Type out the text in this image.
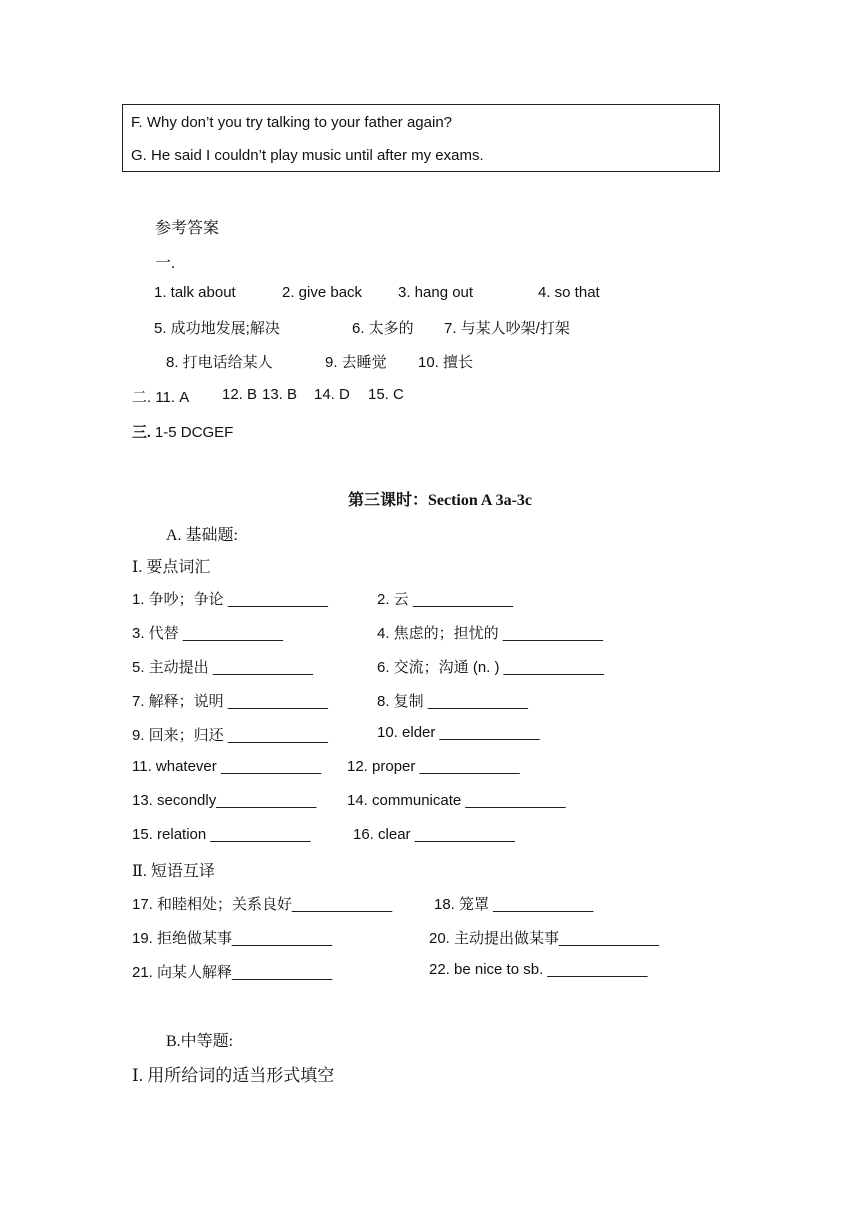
F. Why don’t you try talking to your father again?
G. He said I couldn’t play music until after my exams.
参考答案
一.
1. talk about	2. give back 3. hang out	4. so that
5. 成功地发展;解决	6. 太多的 7. 与某人吵架/打架
8. 打电话给某人	9. 去睡觉 10. 擅长
二. 11. A 12. B 13. B 14. D 15. C
三. 1-5 DCGEF
第三课时：Section A 3a-3c
A. 基础题:
Ⅰ. 要点词汇
1. 争吵；争论 ____________	2. 云 ____________
3. 代替 ____________	4. 焦虑的；担忧的 ____________
5. 主动提出 ____________	6. 交流；沟通 (n. ) ____________
7. 解释；说明 ____________	8. 复制 ____________
9. 回来；归还 ____________	10. elder ____________
11. whatever ____________ 12. proper ____________
13. secondly____________ 14. communicate ____________
15. relation ____________	16. clear ____________
Ⅱ. 短语互译
17. 和睦相处；关系良好____________	18. 笼罩 ____________
19. 拒绝做某事____________	20. 主动提出做某事____________
21. 向某人解释____________	22. be nice to sb. ____________
B.中等题:
Ⅰ. 用所给词的适当形式填空
